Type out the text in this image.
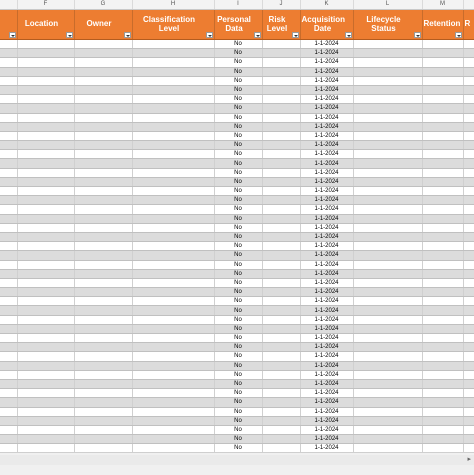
	F	G	H	I	J	K	L	M	

	Location	Owner	Classification Level	Personal Data	Risk Level	Acquisition Date	Lifecycle Status	Retention	R

				No		1-1-2024			
				No		1-1-2024			
				No		1-1-2024			
				No		1-1-2024			
				No		1-1-2024			
				No		1-1-2024			
				No		1-1-2024			
				No		1-1-2024			
				No		1-1-2024			
				No		1-1-2024			
				No		1-1-2024			
				No		1-1-2024			
				No		1-1-2024			
				No		1-1-2024			
				No		1-1-2024			
				No		1-1-2024			
				No		1-1-2024			
				No		1-1-2024			
				No		1-1-2024			
				No		1-1-2024			
				No		1-1-2024			
				No		1-1-2024			
				No		1-1-2024			
				No		1-1-2024			
				No		1-1-2024			
				No		1-1-2024			
				No		1-1-2024			
				No		1-1-2024			
				No		1-1-2024			
				No		1-1-2024			
				No		1-1-2024			
				No		1-1-2024			
				No		1-1-2024			
				No		1-1-2024			
				No		1-1-2024			
				No		1-1-2024			
				No		1-1-2024			
				No		1-1-2024			
				No		1-1-2024			
				No		1-1-2024			
				No		1-1-2024			
				No		1-1-2024			
				No		1-1-2024			
				No		1-1-2024			
				No		1-1-2024			

▸
